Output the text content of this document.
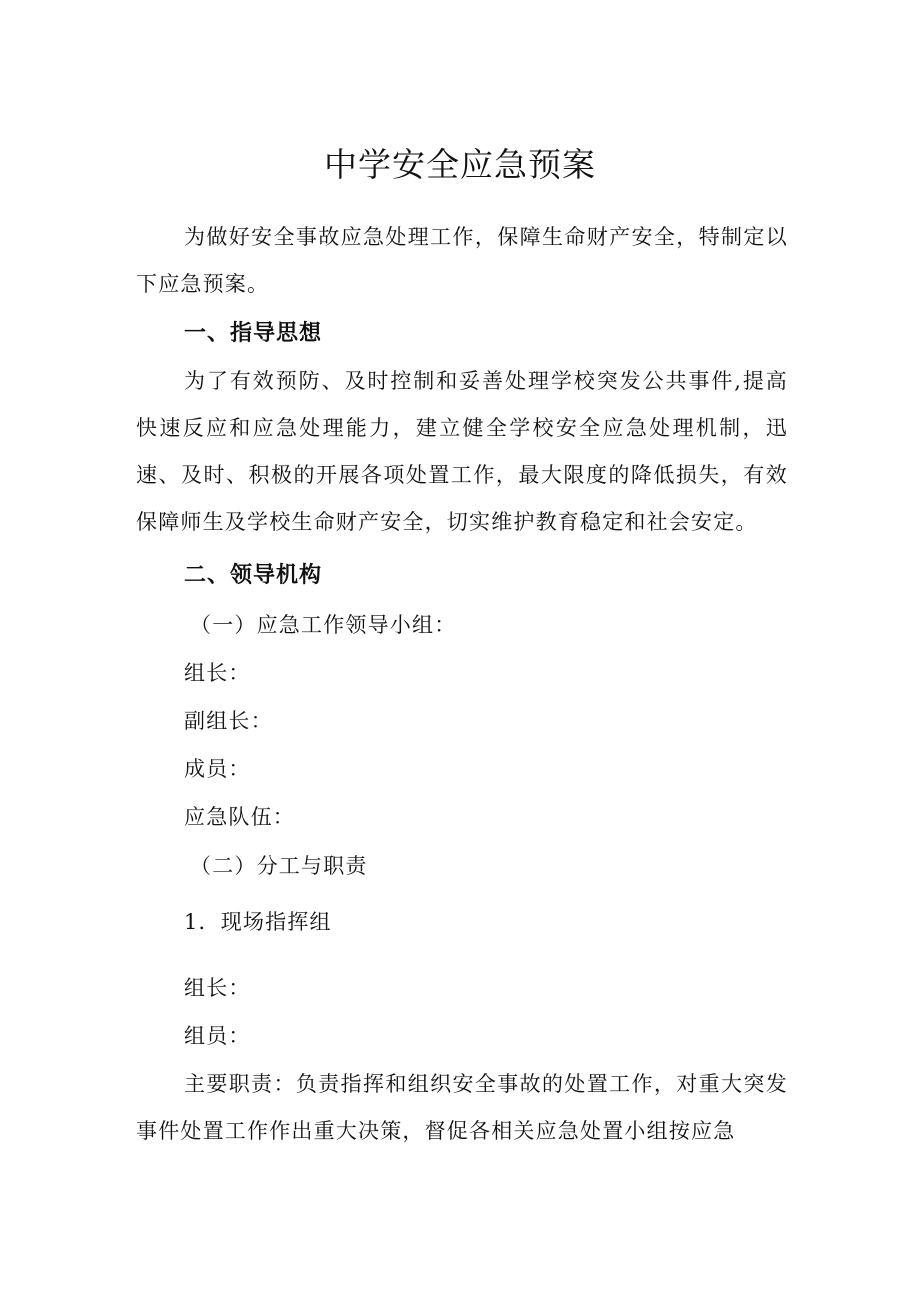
中学安全应急预案

为做好安全事故应急处理工作，保障生命财产安全，特制定以下应急预案。

一、指导思想

为了有效预防、及时控制和妥善处理学校突发公共事件,提高快速反应和应急处理能力，建立健全学校安全应急处理机制，迅速、及时、积极的开展各项处置工作，最大限度的降低损失，有效保障师生及学校生命财产安全，切实维护教育稳定和社会安定。

二、领导机构

（一）应急工作领导小组：

组长：

副组长：

成员：

应急队伍：

（二）分工与职责

1．现场指挥组

组长：

组员：

主要职责：负责指挥和组织安全事故的处置工作，对重大突发事件处置工作作出重大决策，督促各相关应急处置小组按应急
